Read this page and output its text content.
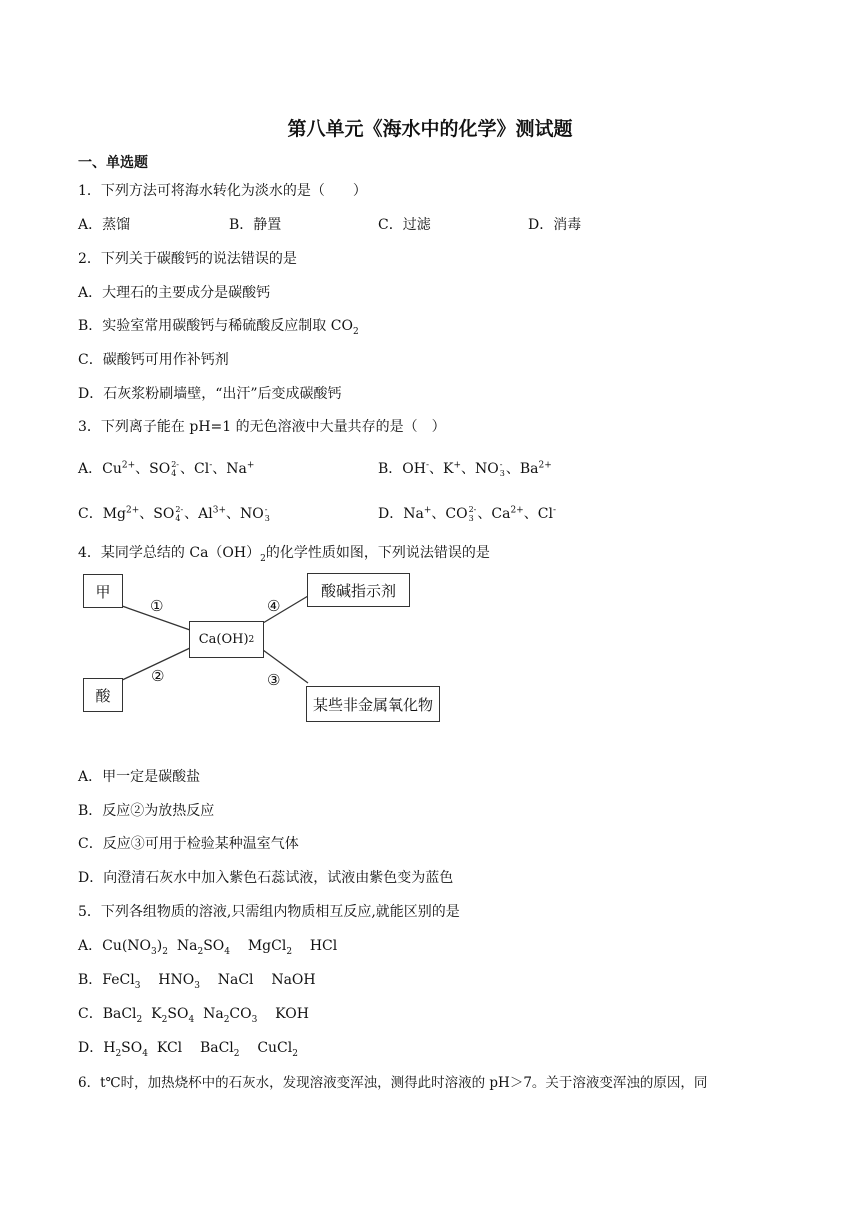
第八单元《海水中的化学》测试题
一、单选题
1．下列方法可将海水转化为淡水的是（　　）
A．蒸馏	B．静置	C．过滤	D．消毒
2．下列关于碳酸钙的说法错误的是
A．大理石的主要成分是碳酸钙
B．实验室常用碳酸钙与稀硫酸反应制取 $CO_2$
C．碳酸钙可用作补钙剂
D．石灰浆粉刷墙壁，“出汗”后变成碳酸钙
3．下列离子能在 pH=1 的无色溶液中大量共存的是（　）
A．$Cu^{2+}$、SO 2-
4 、Cl-、Na+	B．OH-、K+、NO -
3 、$Ba^{2+}$
C．$Mg^{2+}$、SO 2-
4 、$Al^{3+}$、NO -
3	D．Na+、CO 2-
3 、$Ca^{2+}$、Cl-
4．某同学总结的 $Ca(OH)_2$的化学性质如图，下列说法错误的是
甲	酸碱指示剂
Ca(OH) 2
酸	某些非金属氧化物
①	④
②	③
A．甲一定是碳酸盐
B．反应②为放热反应
C．反应③可用于检验某种温室气体
D．向澄清石灰水中加入紫色石蕊试液，试液由紫色变为蓝色
5．下列各组物质的溶液,只需组内物质相互反应,就能区别的是
A．$Cu(NO_3)_2$  $Na_2SO_4$    MgCl$_2$    HCl
B．FeCl$_3$    $HNO_3$    NaCl    NaOH
C．BaCl$_2$  $K_2SO_4$  $Na_2CO_3$    KOH
D．$H_2SO_4$  KCl    BaCl$_2$    CuCl$_2$
6．t℃时，加热烧杯中的石灰水，发现溶液变浑浊，测得此时溶液的 pH＞7。关于溶液变浑浊的原因，同
